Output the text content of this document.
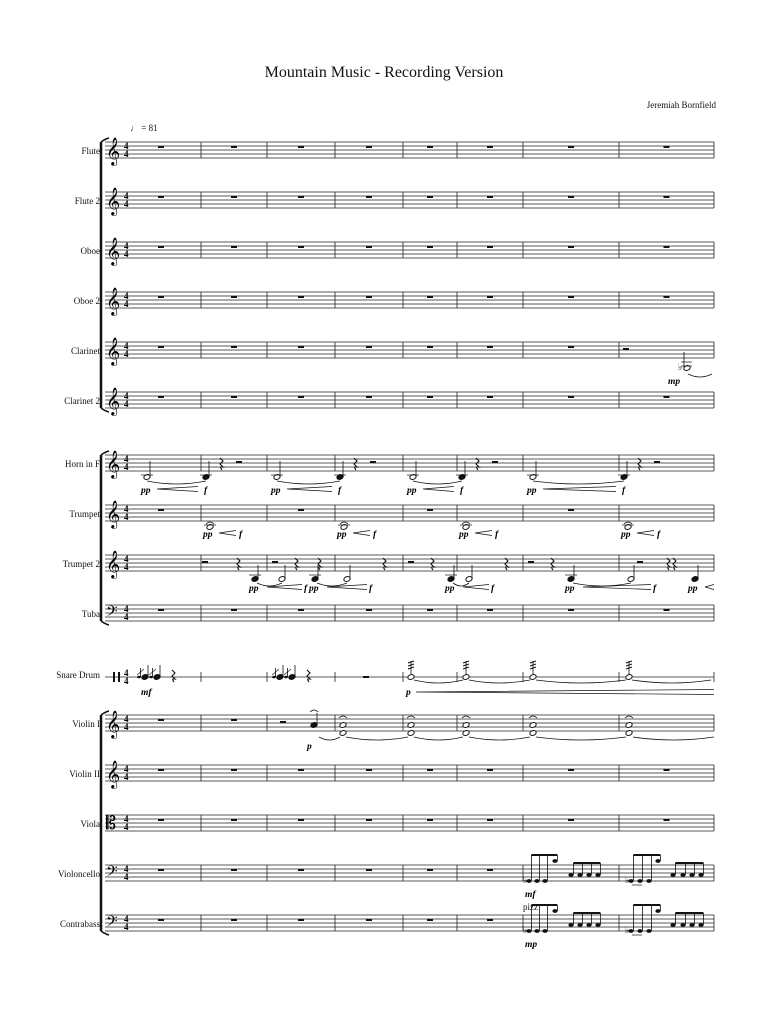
Mountain Music - Recording Version
Jeremiah Bornfield
♩ = 81
Flute
Flute 2
Oboe
Oboe 2
Clarinet
Clarinet 2
Horn in F
Trumpet
Trumpet 2
Tuba
Snare Drum
Violin I
Violin II
Viola
Violoncello
Contrabass
𝄞 4
4
𝄞 4
4
𝄞 4
4
𝄞 4
4
𝄞 4
4
𝄞 4
4
𝄞 4
4
𝄞 4
4
𝄞 4
4
𝄢 4
4
4
4
𝄞 4
4
𝄞 4
4
𝄡 4
4
𝄢 4
4
𝄢 4
4
♭
mp
pp	f	pp	f	pp	f	pp	f
pp	f	pp	f	pp	f	pp	f
pp	f pp	f	pp	f	pp	f	pp
mf	p
p
♭	♭
mf
♭	♭
mp
pizz
